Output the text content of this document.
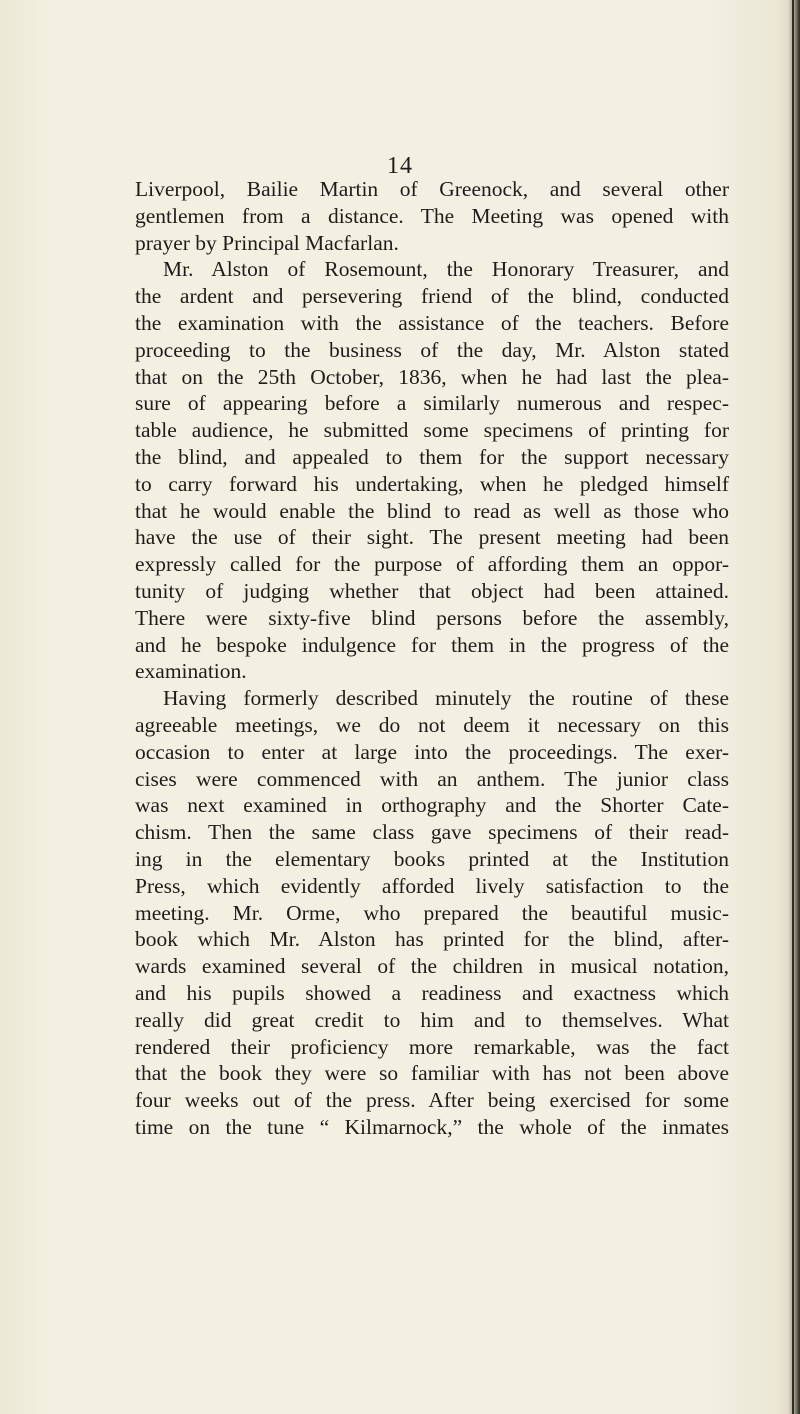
14
Liverpool, Bailie Martin of Greenock, and several other
gentlemen from a distance. The Meeting was opened with
prayer by Principal Macfarlan.
Mr. Alston of Rosemount, the Honorary Treasurer, and
the ardent and persevering friend of the blind, conducted
the examination with the assistance of the teachers. Before
proceeding to the business of the day, Mr. Alston stated
that on the 25th October, 1836, when he had last the plea-
sure of appearing before a similarly numerous and respec-
table audience, he submitted some specimens of printing for
the blind, and appealed to them for the support necessary
to carry forward his undertaking, when he pledged himself
that he would enable the blind to read as well as those who
have the use of their sight. The present meeting had been
expressly called for the purpose of affording them an oppor-
tunity of judging whether that object had been attained.
There were sixty-five blind persons before the assembly,
and he bespoke indulgence for them in the progress of the
examination.
Having formerly described minutely the routine of these
agreeable meetings, we do not deem it necessary on this
occasion to enter at large into the proceedings. The exer-
cises were commenced with an anthem. The junior class
was next examined in orthography and the Shorter Cate-
chism. Then the same class gave specimens of their read-
ing in the elementary books printed at the Institution
Press, which evidently afforded lively satisfaction to the
meeting. Mr. Orme, who prepared the beautiful music-
book which Mr. Alston has printed for the blind, after-
wards examined several of the children in musical notation,
and his pupils showed a readiness and exactness which
really did great credit to him and to themselves. What
rendered their proficiency more remarkable, was the fact
that the book they were so familiar with has not been above
four weeks out of the press. After being exercised for some
time on the tune “ Kilmarnock,” the whole of the inmates
